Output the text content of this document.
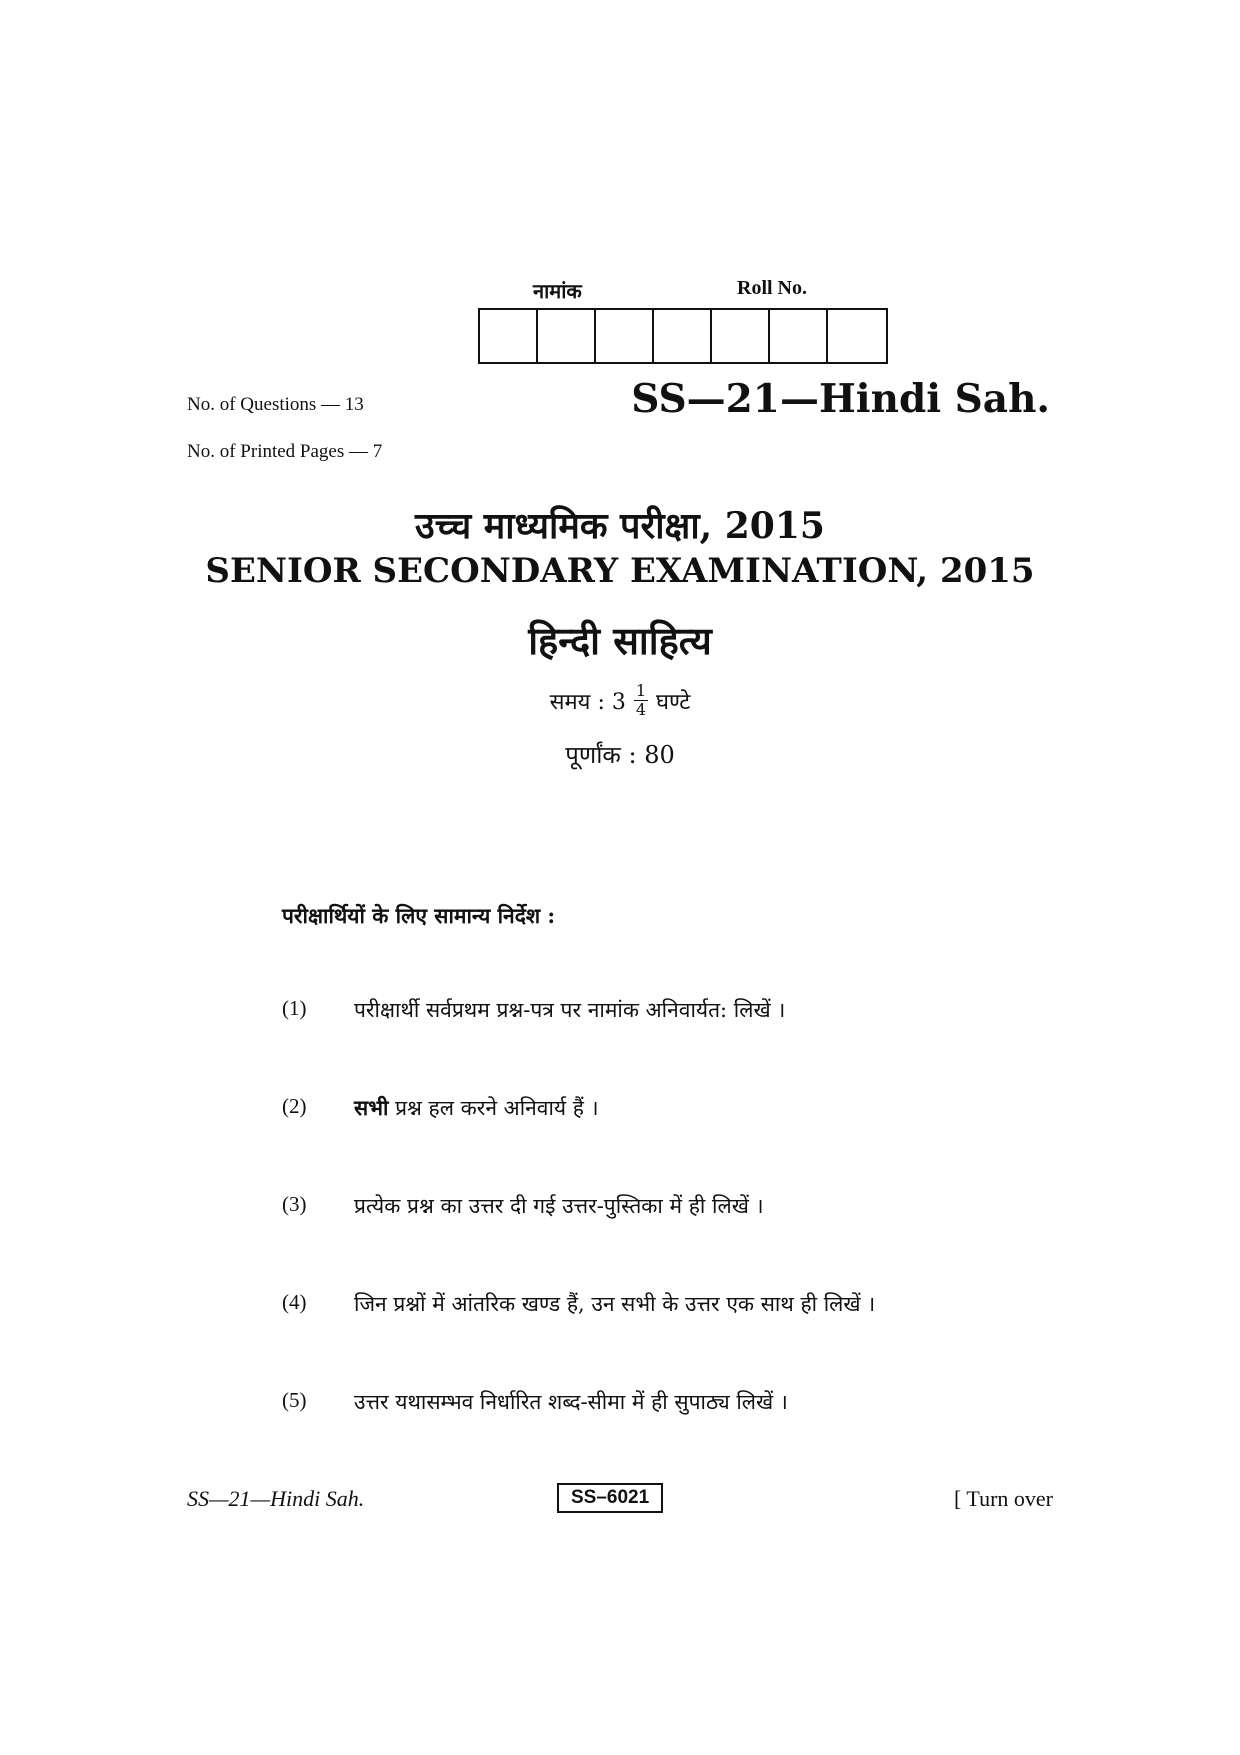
नामांक	Roll No.
No. of Questions — 13
No. of Printed Pages — 7
SS—21—Hindi Sah.
उच्च माध्यमिक परीक्षा, 2015
SENIOR SECONDARY EXAMINATION, 2015
हिन्दी साहित्य
समय : $3 \frac{1}{4}$ घण्टे
पूर्णांक : 80
परीक्षार्थियों के लिए सामान्य निर्देश :
(1)	परीक्षार्थी सर्वप्रथम प्रश्न-पत्र पर नामांक अनिवार्यत: लिखें ।
(2)	सभी प्रश्न हल करने अनिवार्य हैं ।
(3)	प्रत्येक प्रश्न का उत्तर दी गई उत्तर-पुस्तिका में ही लिखें ।
(4)	जिन प्रश्नों में आंतरिक खण्ड हैं, उन सभी के उत्तर एक साथ ही लिखें ।
(5)	उत्तर यथासम्भव निर्धारित शब्द-सीमा में ही सुपाठ्य लिखें ।
SS—21—Hindi Sah.	SS–6021	[ Turn over
